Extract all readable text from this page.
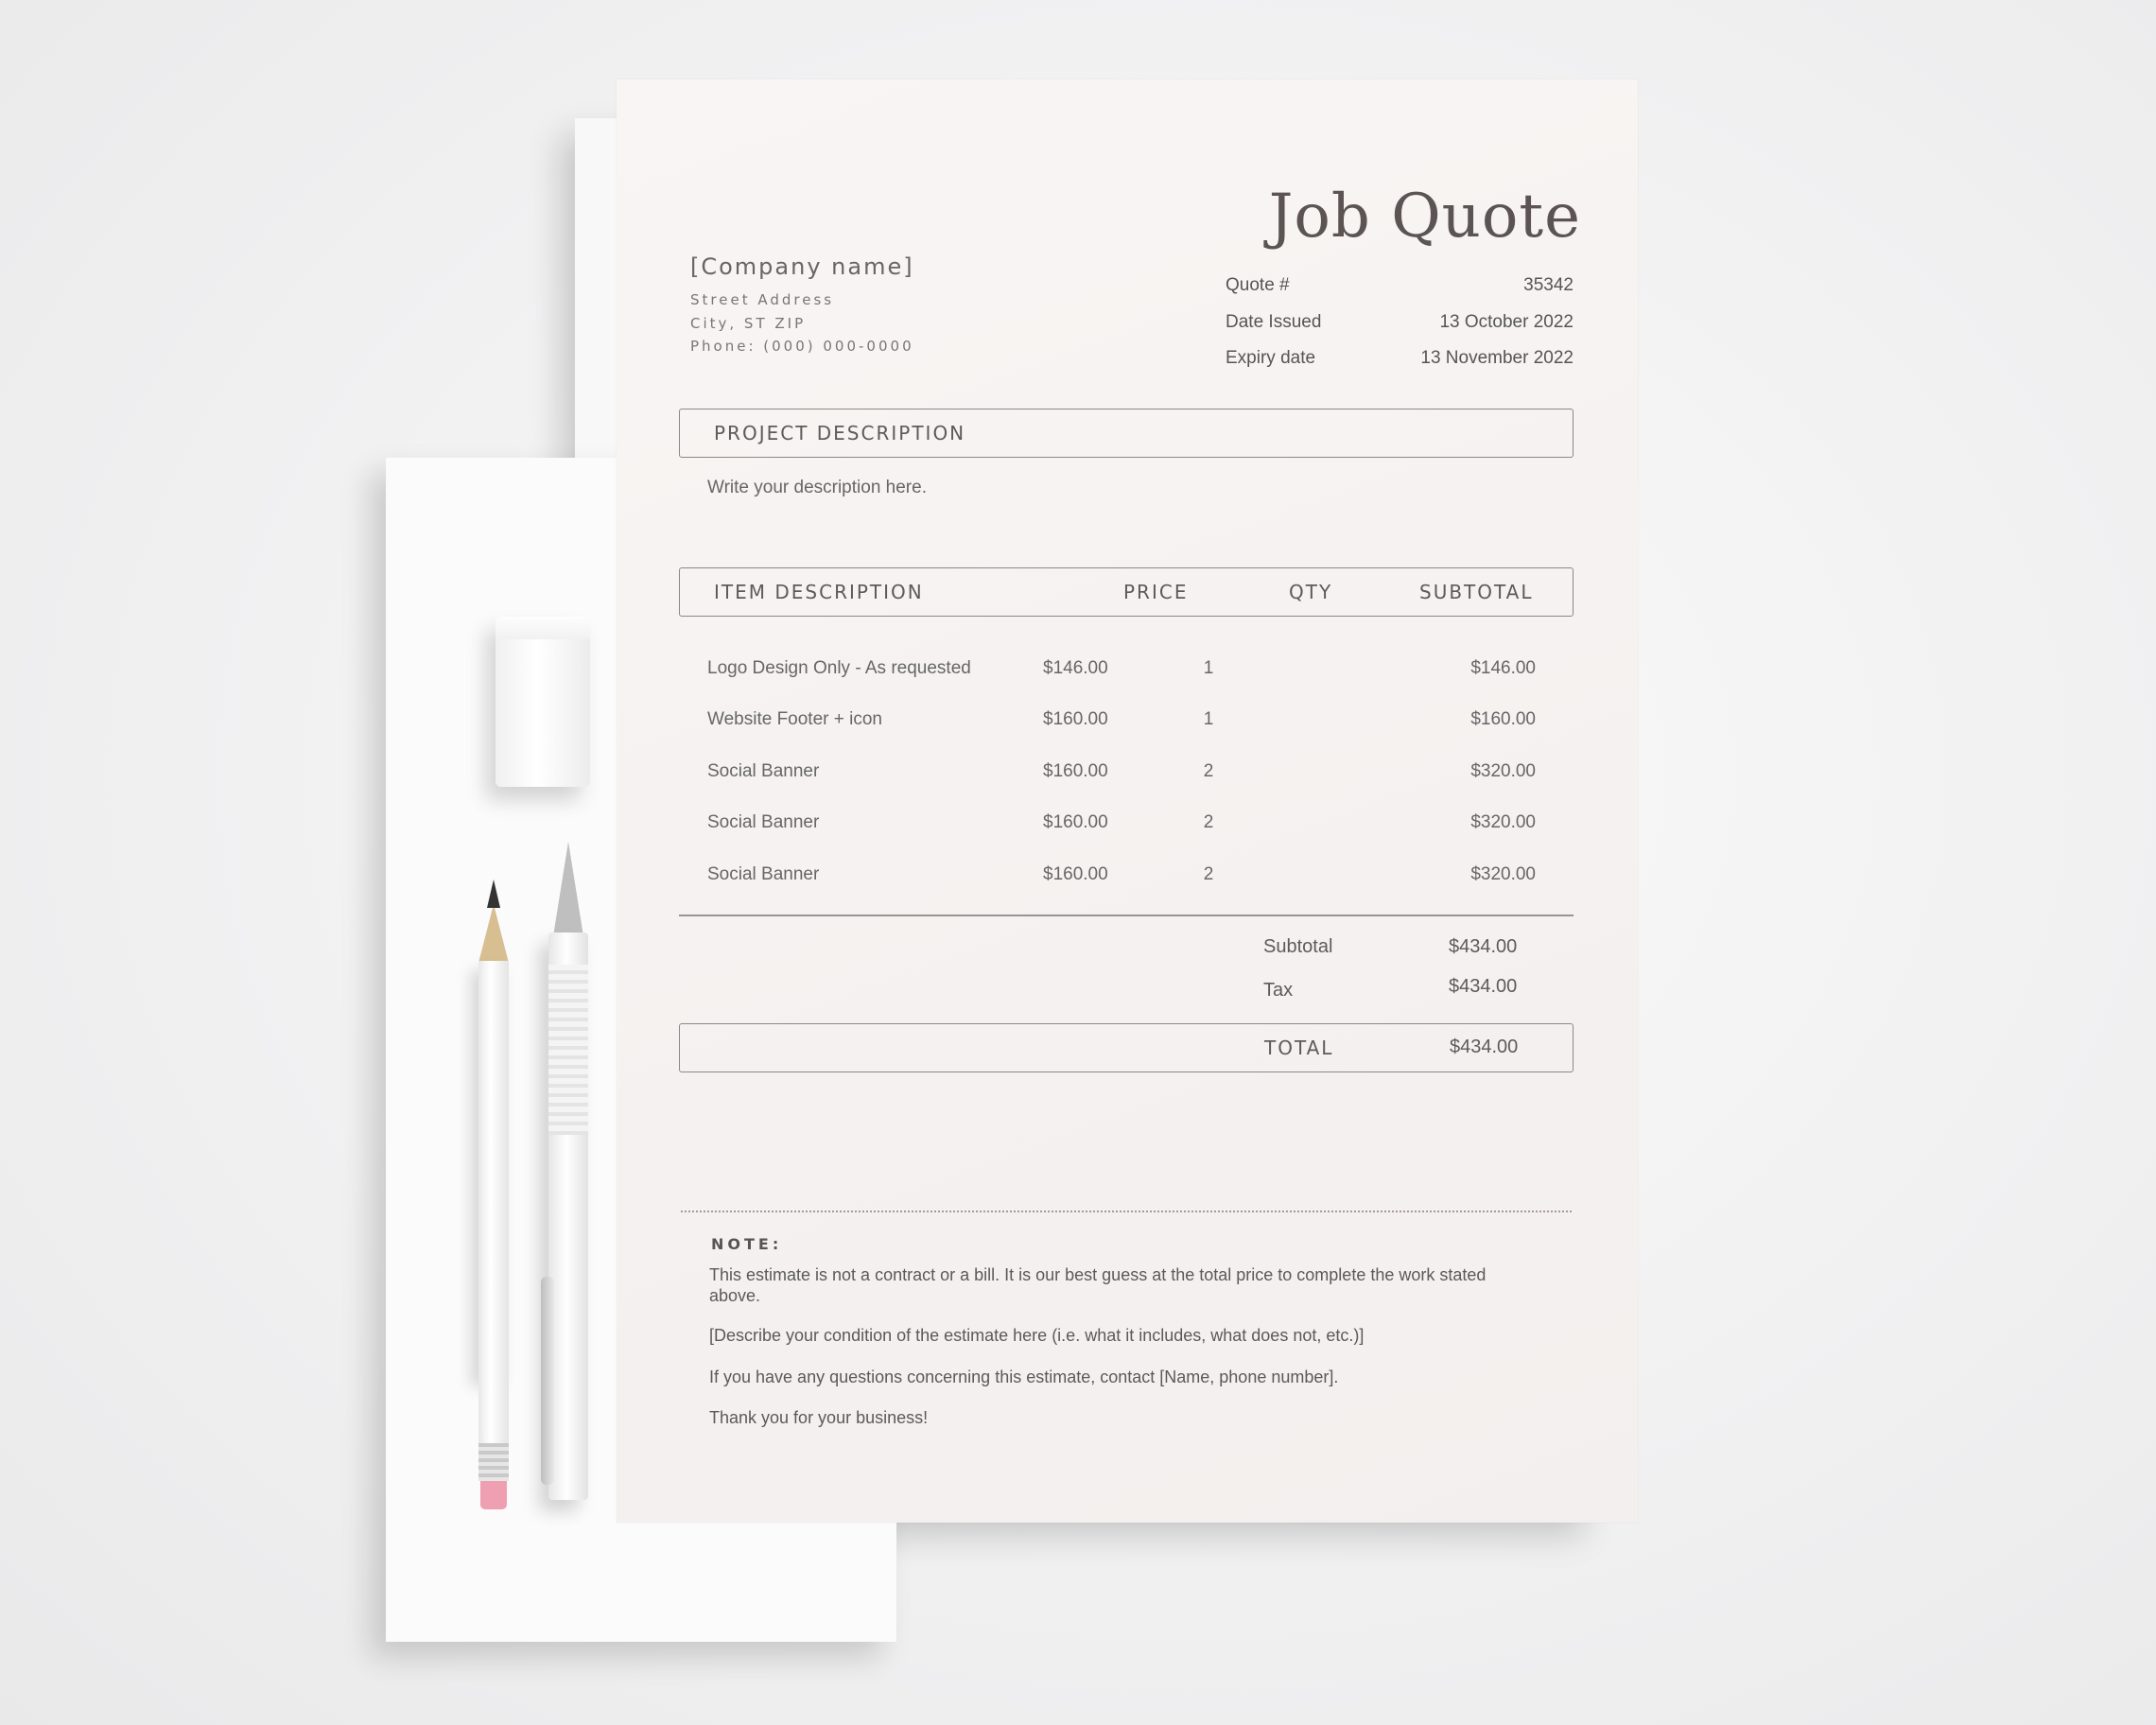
Job Quote
[Company name]
Street Address
City, ST ZIP
Phone: (000) 000-0000
Quote #	35342
Date Issued	13 October 2022
Expiry date	13 November 2022
PROJECT DESCRIPTION
Write your description here.
ITEM DESCRIPTION	PRICE	QTY	SUBTOTAL
Logo Design Only - As requested	$146.00	1	$146.00
Website Footer + icon	$160.00	1	$160.00
Social Banner	$160.00	2	$320.00
Social Banner	$160.00	2	$320.00
Social Banner	$160.00	2	$320.00
Subtotal	$434.00
Tax	$434.00
TOTAL	$434.00
NOTE:
This estimate is not a contract or a bill. It is our best guess at the total price to complete the work stated above.
[Describe your condition of the estimate here (i.e. what it includes, what does not, etc.)]
If you have any questions concerning this estimate, contact [Name, phone number].
Thank you for your business!
